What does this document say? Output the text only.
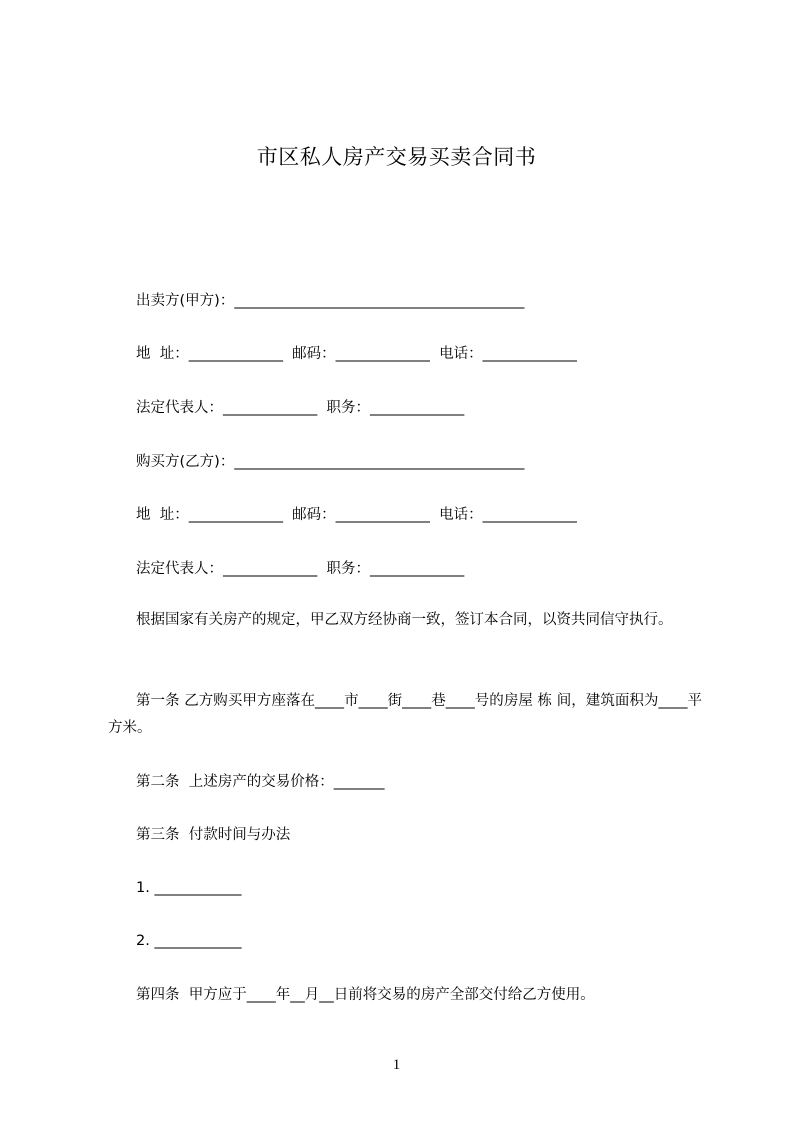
市区私人房产交易买卖合同书
出卖方(甲方)：________________________________________
地  址：_____________  邮码：_____________  电话：_____________
法定代表人：_____________  职务：_____________
购买方(乙方)：________________________________________
地  址：_____________  邮码：_____________  电话：_____________
法定代表人：_____________  职务：_____________
根据国家有关房产的规定，甲乙双方经协商一致，签订本合同，以资共同信守执行。
第一条 乙方购买甲方座落在____市____街____巷____号的房屋 栋 间，建筑面积为____平方米。
第二条  上述房产的交易价格：_______
第三条  付款时间与办法
1. ____________
2. ____________
第四条  甲方应于____年__月__日前将交易的房产全部交付给乙方使用。
1
